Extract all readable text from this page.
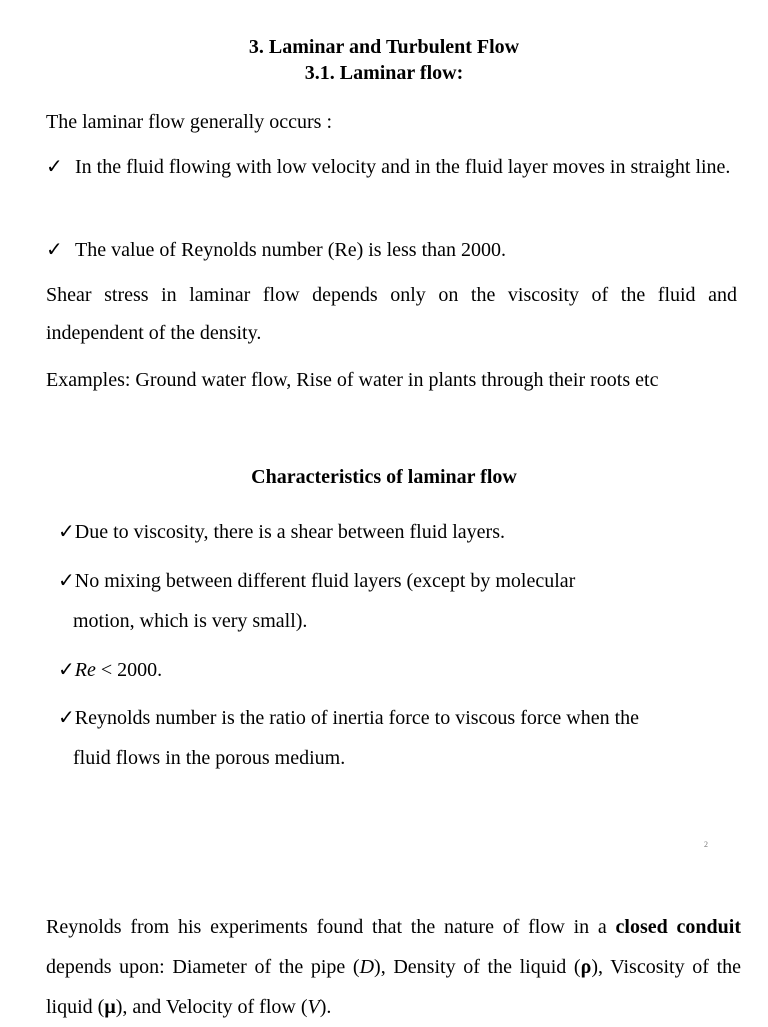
3. Laminar and Turbulent Flow
3.1. Laminar flow:
The laminar flow generally occurs :
✓ In the fluid flowing with low velocity and in the fluid layer moves in straight line.
✓ The value of Reynolds number (Re) is less than 2000.
Shear stress in laminar flow depends only on the viscosity of the fluid and independent of the density.
Examples: Ground water flow, Rise of water in plants through their roots etc
Characteristics of laminar flow
✓Due to viscosity, there is a shear between fluid layers.
✓No mixing between different fluid layers (except by molecular
motion, which is very small).
✓Re < 2000.
✓Reynolds number is the ratio of inertia force to viscous force when the
fluid flows in the porous medium.
2
Reynolds from his experiments found that the nature of flow in a closed conduit depends upon: Diameter of the pipe (D), Density of the liquid (ρ), Viscosity of the liquid (μ), and Velocity of flow (V).
